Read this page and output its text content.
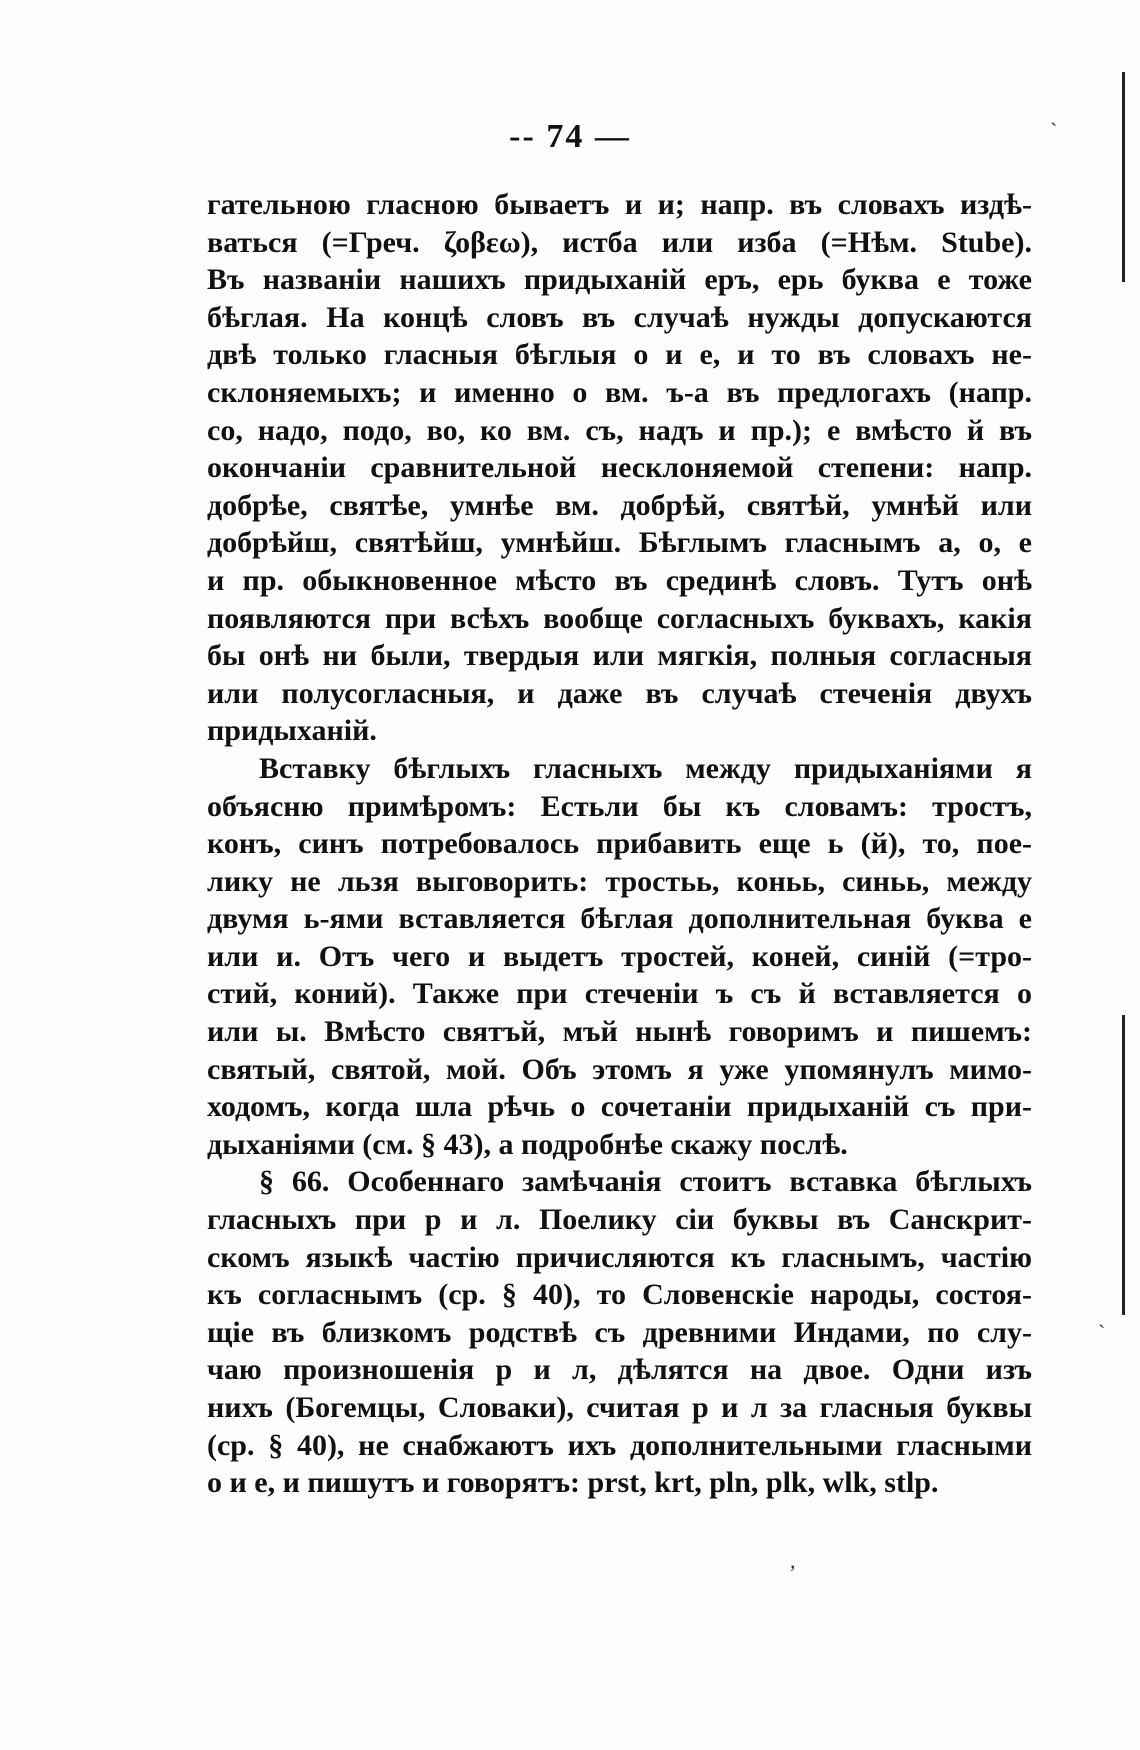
`
`
,
-- 74 —
гательною гласною бываетъ и и; напр. въ словахъ издѣ-
ваться (=Греч. ζοβεω), истба или изба (=Нѣм. Stube).
Въ названіи нашихъ придыханій еръ, ерь буква е тоже
бѣглая. На концѣ словъ въ случаѣ нужды допускаются
двѣ только гласныя бѣглыя о и е, и то въ словахъ не-
склоняемыхъ; и именно о вм. ъ-а въ предлогахъ (напр.
со, надо, подо, во, ко вм. съ, надъ и пр.); е вмѣсто й въ
окончаніи сравнительной несклоняемой степени: напр.
добрѣе, святѣе, умнѣе вм. добрѣй, святѣй, умнѣй или
добрѣйш, святѣйш, умнѣйш. Бѣглымъ гласнымъ а, о, е
и пр. обыкновенное мѣсто въ срединѣ словъ. Тутъ онѣ
появляются при всѣхъ вообще согласныхъ буквахъ, какія
бы онѣ ни были, твердыя или мягкія, полныя согласныя
или полусогласныя, и даже въ случаѣ стеченія двухъ
придыханій.
Вставку бѣглыхъ гласныхъ между придыханіями я
объясню примѣромъ: Естьли бы къ словамъ: тростъ,
конъ, синъ потребовалось прибавить еще ь (й), то, пое-
лику не льзя выговорить: тростьь, коньь, синьь, между
двумя ь-ями вставляется бѣглая дополнительная буква е
или и. Отъ чего и выдетъ тростей, коней, синій (=тро-
стий, коний). Также при стеченіи ъ съ й вставляется о
или ы. Вмѣсто святъй, мъй нынѣ говоримъ и пишемъ:
святый, святой, мой. Объ этомъ я уже упомянулъ мимо-
ходомъ, когда шла рѣчь о сочетаніи придыханій съ при-
дыханіями (см. § 43), а подробнѣе скажу послѣ.
§ 66. Особеннаго замѣчанія стоитъ вставка бѣглыхъ
гласныхъ при р и л. Поелику сіи буквы въ Санскрит-
скомъ языкѣ частію причисляются къ гласнымъ, частію
къ согласнымъ (ср. § 40), то Словенскіе народы, состоя-
щіе въ близкомъ родствѣ съ древними Индами, по слу-
чаю произношенія р и л, дѣлятся на двое. Одни изъ
нихъ (Богемцы, Словаки), считая р и л за гласныя буквы
(ср. § 40), не снабжаютъ ихъ дополнительными гласными
о и е, и пишутъ и говорятъ: prst, krt, pln, plk, wlk, stlp.
